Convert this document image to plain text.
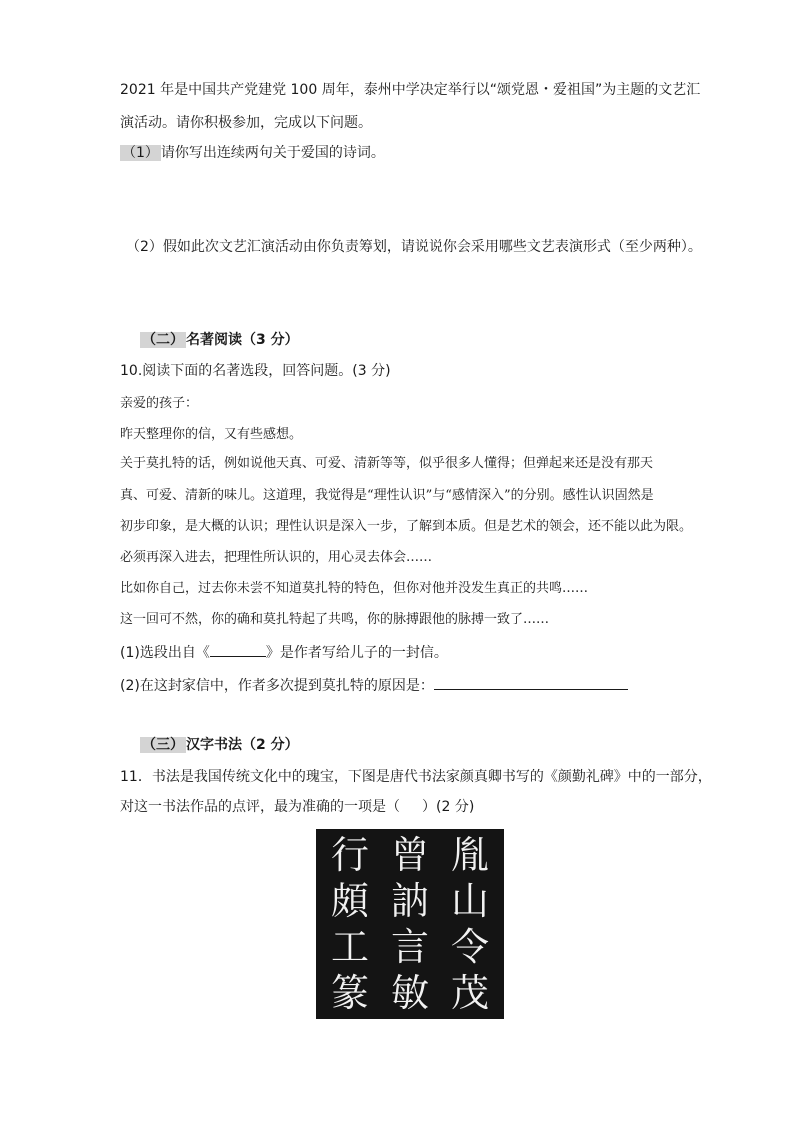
2021 年是中国共产党建党 100 周年，泰州中学决定举行以“颂党恩・爱祖国”为主题的文艺汇
演活动。请你积极参加，完成以下问题。
（1） 请你写出连续两句关于爱国的诗词。
（2）假如此次文艺汇演活动由你负责筹划，请说说你会采用哪些文艺表演形式（至少两种）。
（二） 名著阅读（3 分）
10.阅读下面的名著选段，回答问题。(3 分)
亲爱的孩子：
昨天整理你的信，又有些感想。
关于莫扎特的话，例如说他天真、可爱、清新等等，似乎很多人懂得；但弹起来还是没有那天
真、可爱、清新的味儿。这道理，我觉得是“理性认识”与“感情深入”的分别。感性认识固然是
初步印象，是大概的认识；理性认识是深入一步，了解到本质。但是艺术的领会，还不能以此为限。
必须再深入进去，把理性所认识的，用心灵去体会……
比如你自己，过去你未尝不知道莫扎特的特色，但你对他并没发生真正的共鸣……
这一回可不然，你的确和莫扎特起了共鸣，你的脉搏跟他的脉搏一致了……
(1)选段出自《	》是作者写给儿子的一封信。
(2)在这封家信中，作者多次提到莫扎特的原因是：
（三） 汉字书法（2 分）
11．书法是我国传统文化中的瑰宝，下图是唐代书法家颜真卿书写的《颜勤礼碑》中的一部分，
对这一书法作品的点评，最为准确的一项是（ ）(2 分)
胤
山
令
茂
曾
訥
言
敏
行
頗
工
篆
